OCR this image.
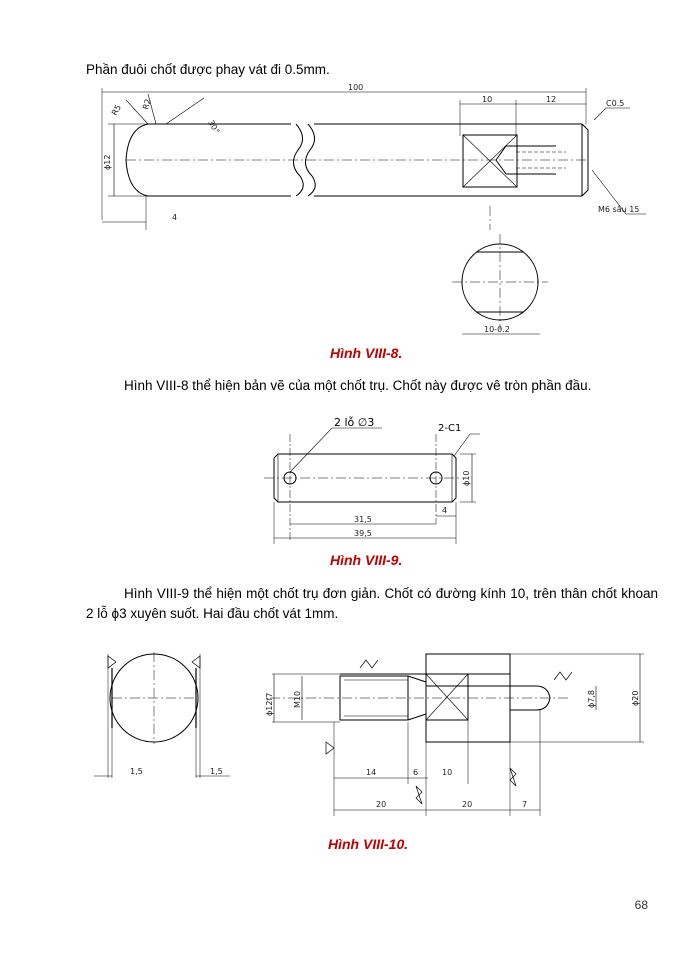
Phần đuôi chốt được phay vát đi 0.5mm.
100
10	12	C0.5
R5 R2
30°
ϕ12
4
M6 sâu 15
10-0.2
Hình VIII-8.
Hình VIII-8 thể hiện bản vẽ của một chốt trụ. Chốt này được vê tròn phần đầu.
2 lỗ ∅3	2-C1
ϕ10
4
31,5
39,5
Hình VIII-9.
Hình VIII-9 thể hiện một chốt trụ đơn giản. Chốt có đường kính 10, trên thân chốt khoan 2 lỗ ϕ3 xuyên suốt. Hai đầu chốt vát 1mm.
1,5	1,5
ϕ12f7 M10	ϕ7,8	ϕ20
14	6	10
20	20	7
Hình VIII-10.
68
